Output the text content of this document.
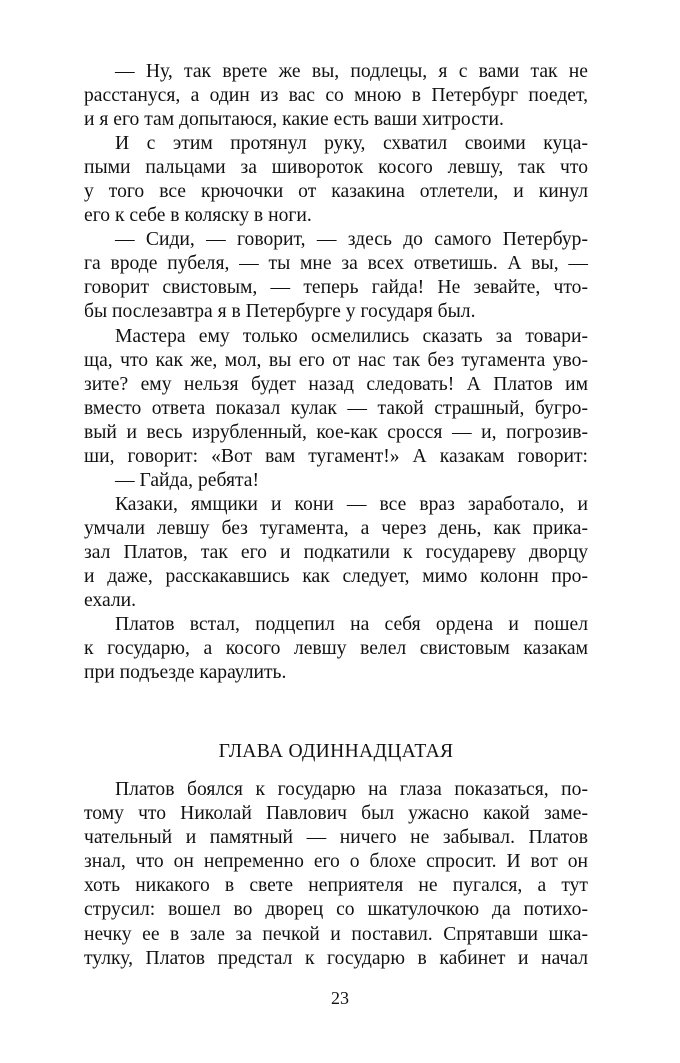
— Ну, так врете же вы, подлецы, я с вами так не
расстануся, а один из вас со мною в Петербург поедет,
и я его там допытаюся, какие есть ваши хитрости.
И с этим протянул руку, схватил своими куца-
пыми пальцами за шивороток косого левшу, так что
у того все крючочки от казакина отлетели, и кинул
его к себе в коляску в ноги.
— Сиди, — говорит, — здесь до самого Петербур-
га вроде пубеля, — ты мне за всех ответишь. А вы, —
говорит свистовым, — теперь гайда! Не зевайте, что-
бы послезавтра я в Петербурге у государя был.
Мастера ему только осмелились сказать за товари-
ща, что как же, мол, вы его от нас так без тугамента уво-
зите? ему нельзя будет назад следовать! А Платов им
вместо ответа показал кулак — такой страшный, бугро-
вый и весь изрубленный, кое-как сросся — и, погрозив-
ши, говорит: «Вот вам тугамент!» А казакам говорит:
— Гайда, ребята!
Казаки, ямщики и кони — все враз заработало, и
умчали левшу без тугамента, а через день, как прика-
зал Платов, так его и подкатили к государеву дворцу
и даже, расскакавшись как следует, мимо колонн про-
ехали.
Платов встал, подцепил на себя ордена и пошел
к государю, а косого левшу велел свистовым казакам
при подъезде караулить.
ГЛАВА ОДИННАДЦАТАЯ
Платов боялся к государю на глаза показаться, по-
тому что Николай Павлович был ужасно какой заме-
чательный и памятный — ничего не забывал. Платов
знал, что он непременно его о блохе спросит. И вот он
хоть никакого в свете неприятеля не пугался, а тут
струсил: вошел во дворец со шкатулочкою да потихо-
нечку ее в зале за печкой и поставил. Спрятавши шка-
тулку, Платов предстал к государю в кабинет и начал
23
